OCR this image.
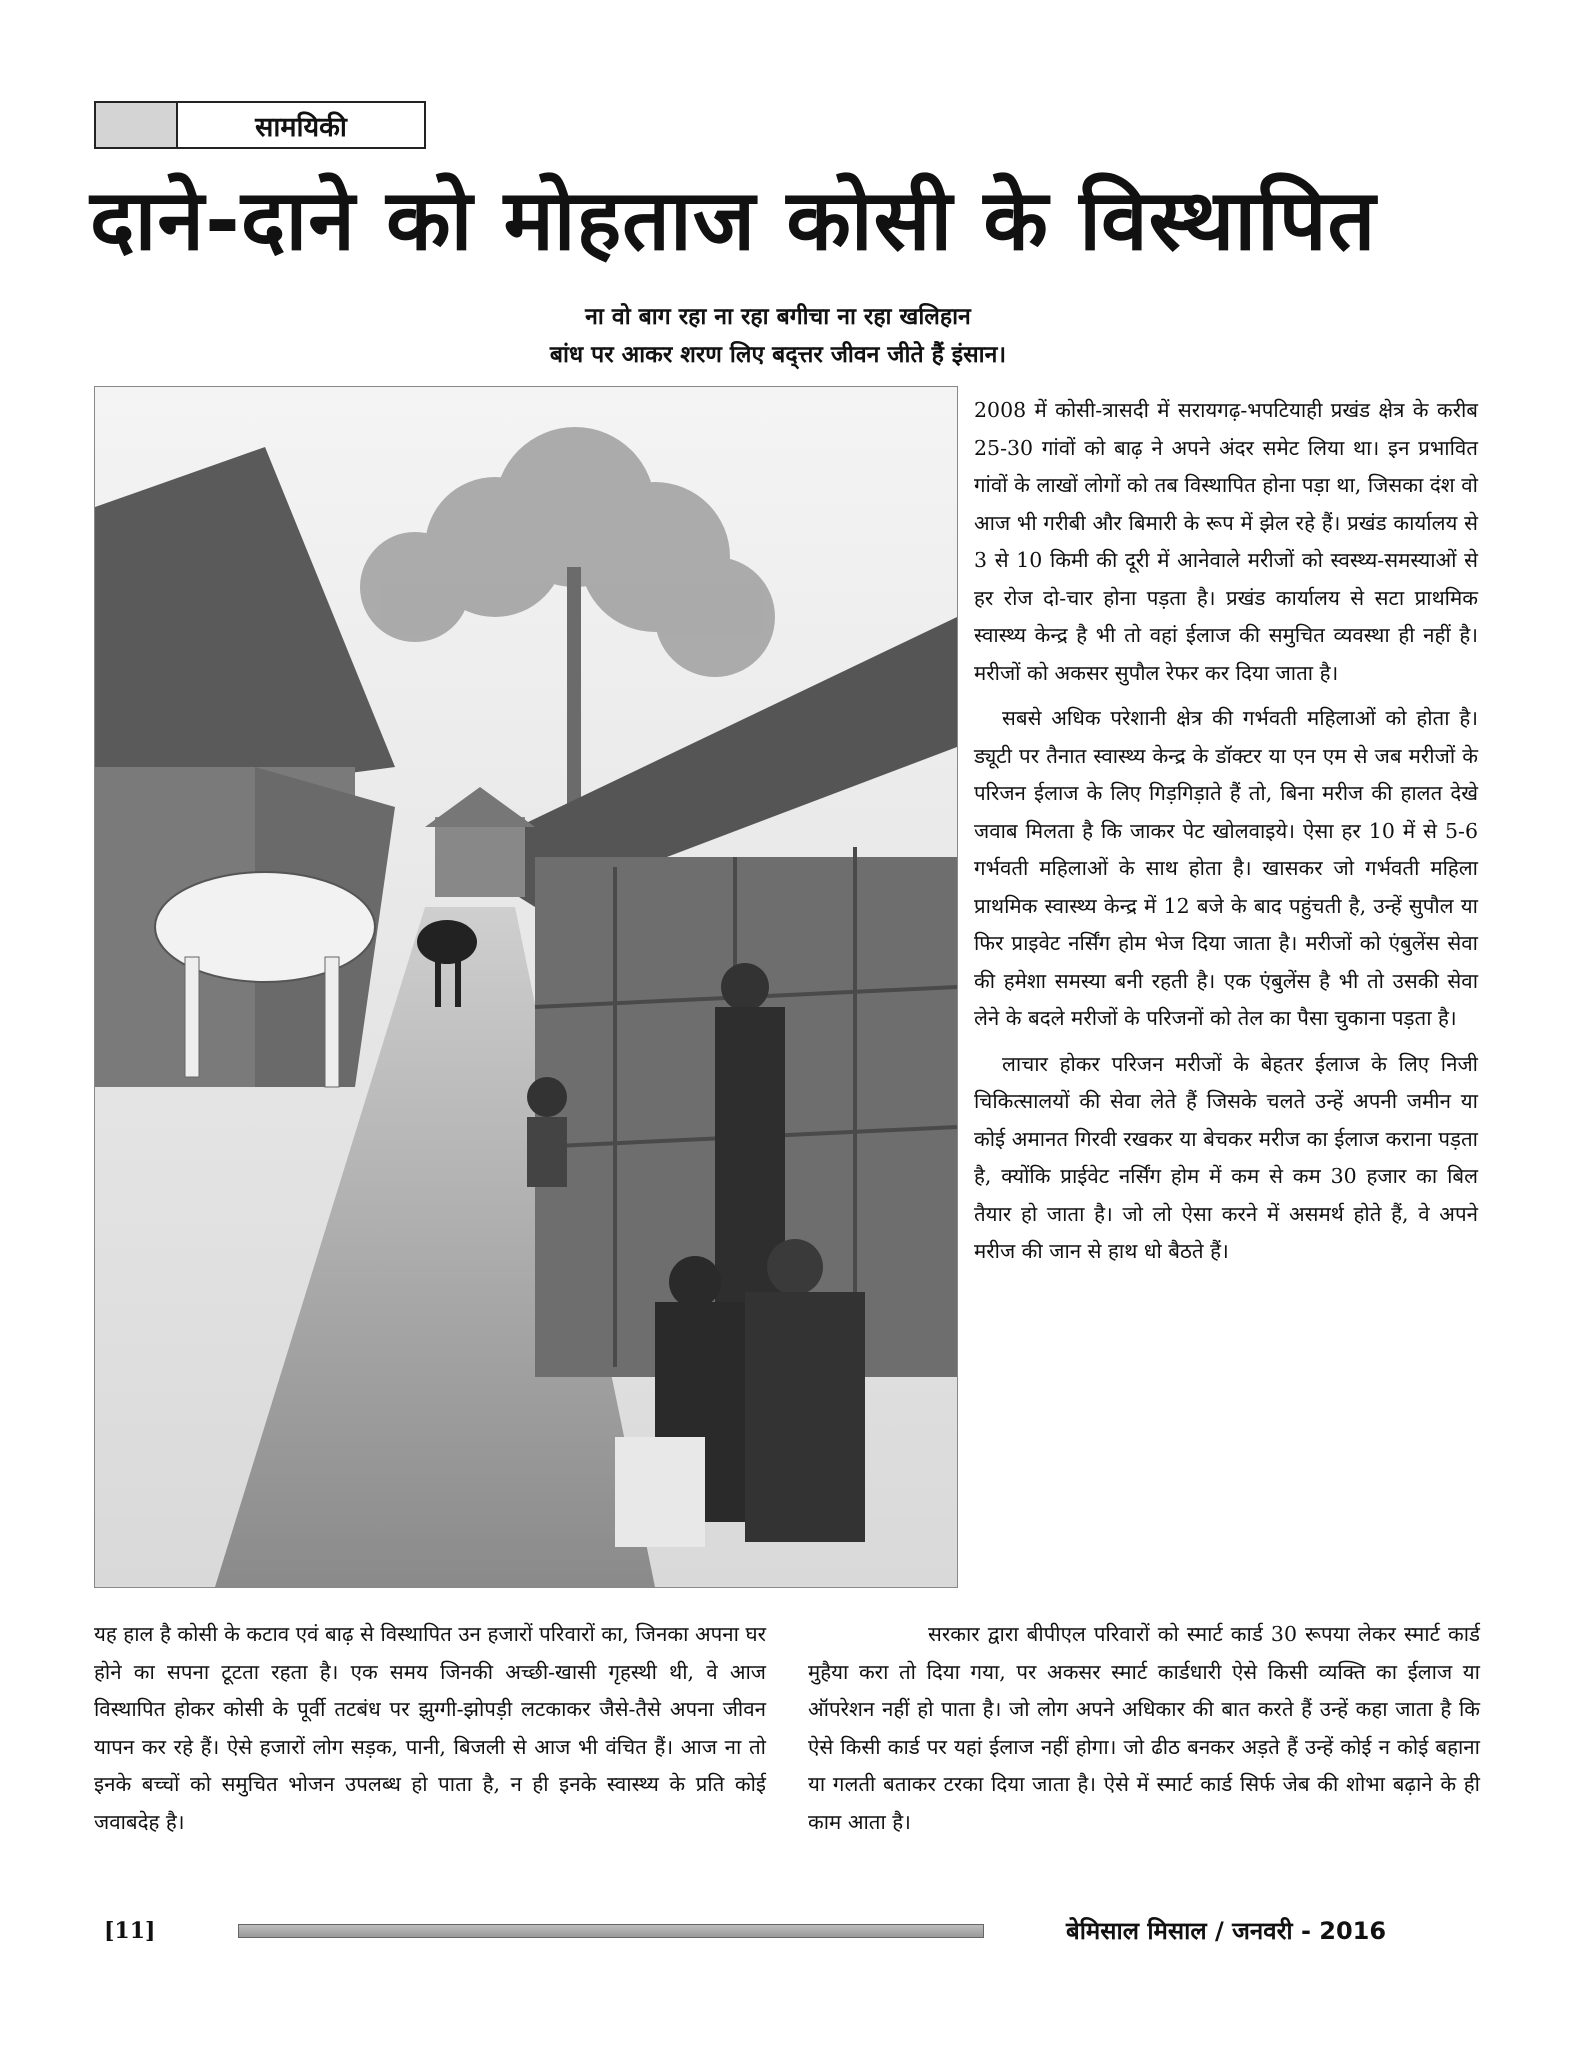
सामयिकी
दाने-दाने को मोहताज कोसी के विस्थापित
ना वो बाग रहा ना रहा बगीचा ना रहा खलिहान
बांध पर आकर शरण लिए बद्त्तर जीवन जीते हैं इंसान।

2008 में कोसी-त्रासदी में सरायगढ़-भपटियाही प्रखंड क्षेत्र के करीब 25-30 गांवों को बाढ़ ने अपने अंदर समेट लिया था। इन प्रभावित गांवों के लाखों लोगों को तब विस्थापित होना पड़ा था, जिसका दंश वो आज भी गरीबी और बिमारी के रूप में झेल रहे हैं। प्रखंड कार्यालय से 3 से 10 किमी की दूरी में आनेवाले मरीजों को स्वस्थ्य-समस्याओं से हर रोज दो-चार होना पड़ता है। प्रखंड कार्यालय से सटा प्राथमिक स्वास्थ्य केन्द्र है भी तो वहां ईलाज की समुचित व्यवस्था ही नहीं है। मरीजों को अकसर सुपौल रेफर कर दिया जाता है।

सबसे अधिक परेशानी क्षेत्र की गर्भवती महिलाओं को होता है। ड्यूटी पर तैनात स्वास्थ्य केन्द्र के डॉक्टर या एन एम से जब मरीजों के परिजन ईलाज के लिए गिड़गिड़ाते हैं तो, बिना मरीज की हालत देखे जवाब मिलता है कि जाकर पेट खोलवाइये। ऐसा हर 10 में से 5-6 गर्भवती महिलाओं के साथ होता है। खासकर जो गर्भवती महिला प्राथमिक स्वास्थ्य केन्द्र में 12 बजे के बाद पहुंचती है, उन्हें सुपौल या फिर प्राइवेट नर्सिंग होम भेज दिया जाता है। मरीजों को एंबुलेंस सेवा की हमेशा समस्या बनी रहती है। एक एंबुलेंस है भी तो उसकी सेवा लेने के बदले मरीजों के परिजनों को तेल का पैसा चुकाना पड़ता है।

लाचार होकर परिजन मरीजों के बेहतर ईलाज के लिए निजी चिकित्सालयों की सेवा लेते हैं जिसके चलते उन्हें अपनी जमीन या कोई अमानत गिरवी रखकर या बेचकर मरीज का ईलाज कराना पड़ता है, क्योंकि प्राईवेट नर्सिंग होम में कम से कम 30 हजार का बिल तैयार हो जाता है। जो लो ऐसा करने में असमर्थ होते हैं, वे अपने मरीज की जान से हाथ धो बैठते हैं।

यह हाल है कोसी के कटाव एवं बाढ़ से विस्थापित उन हजारों परिवारों का, जिनका अपना घर होने का सपना टूटता रहता है। एक समय जिनकी अच्छी-खासी गृहस्थी थी, वे आज विस्थापित होकर कोसी के पूर्वी तटबंध पर झुग्गी-झोपड़ी लटकाकर जैसे-तैसे अपना जीवन यापन कर रहे हैं। ऐसे हजारों लोग सड़क, पानी, बिजली से आज भी वंचित हैं। आज ना तो इनके बच्चों को समुचित भोजन उपलब्ध हो पाता है, न ही इनके स्वास्थ्य के प्रति कोई जवाबदेह है।

सरकार द्वारा बीपीएल परिवारों को स्मार्ट कार्ड 30 रूपया लेकर स्मार्ट कार्ड मुहैया करा तो दिया गया, पर अकसर स्मार्ट कार्डधारी ऐसे किसी व्यक्ति का ईलाज या ऑपरेशन नहीं हो पाता है। जो लोग अपने अधिकार की बात करते हैं उन्हें कहा जाता है कि ऐसे किसी कार्ड पर यहां ईलाज नहीं होगा। जो ढीठ बनकर अड़ते हैं उन्हें कोई न कोई बहाना या गलती बताकर टरका दिया जाता है। ऐसे में स्मार्ट कार्ड सिर्फ जेब की शोभा बढ़ाने के ही काम आता है।

[11]	बेमिसाल मिसाल / जनवरी - 2016
